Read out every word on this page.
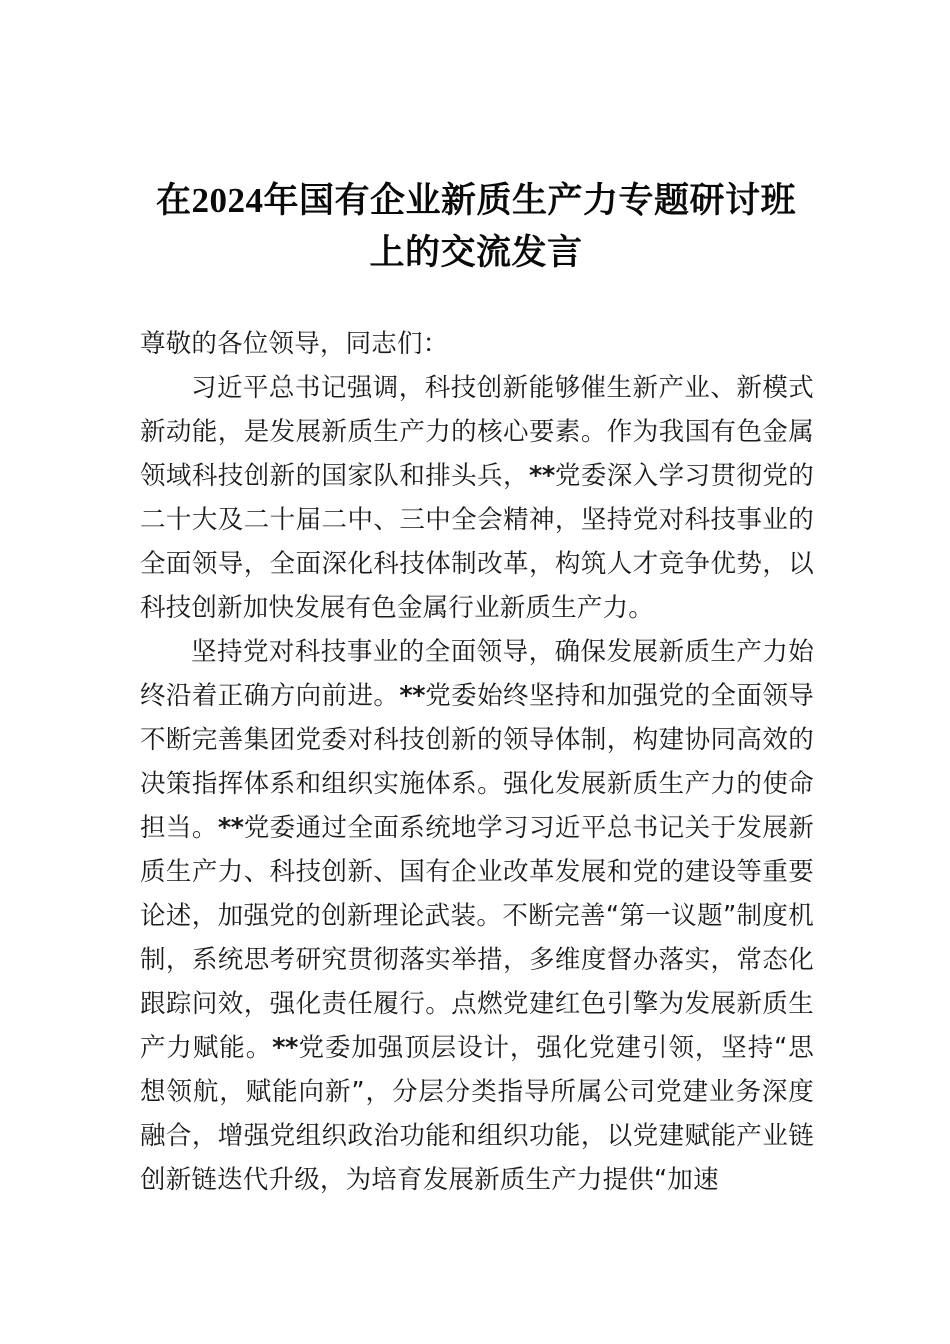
在2024年国有企业新质生产力专题研讨班
上的交流发言

尊敬的各位领导，同志们：

习近平总书记强调，科技创新能够催生新产业、新模式新动能，是发展新质生产力的核心要素。作为我国有色金属领域科技创新的国家队和排头兵，**党委深入学习贯彻党的二十大及二十届二中、三中全会精神，坚持党对科技事业的全面领导，全面深化科技体制改革，构筑人才竞争优势，以科技创新加快发展有色金属行业新质生产力。

坚持党对科技事业的全面领导，确保发展新质生产力始终沿着正确方向前进。**党委始终坚持和加强党的全面领导不断完善集团党委对科技创新的领导体制，构建协同高效的决策指挥体系和组织实施体系。强化发展新质生产力的使命担当。**党委通过全面系统地学习习近平总书记关于发展新质生产力、科技创新、国有企业改革发展和党的建设等重要论述，加强党的创新理论武装。不断完善“第一议题”制度机制，系统思考研究贯彻落实举措，多维度督办落实，常态化跟踪问效，强化责任履行。点燃党建红色引擎为发展新质生产力赋能。**党委加强顶层设计，强化党建引领，坚持“思想领航，赋能向新”，分层分类指导所属公司党建业务深度融合，增强党组织政治功能和组织功能，以党建赋能产业链创新链迭代升级，为培育发展新质生产力提供“加速
